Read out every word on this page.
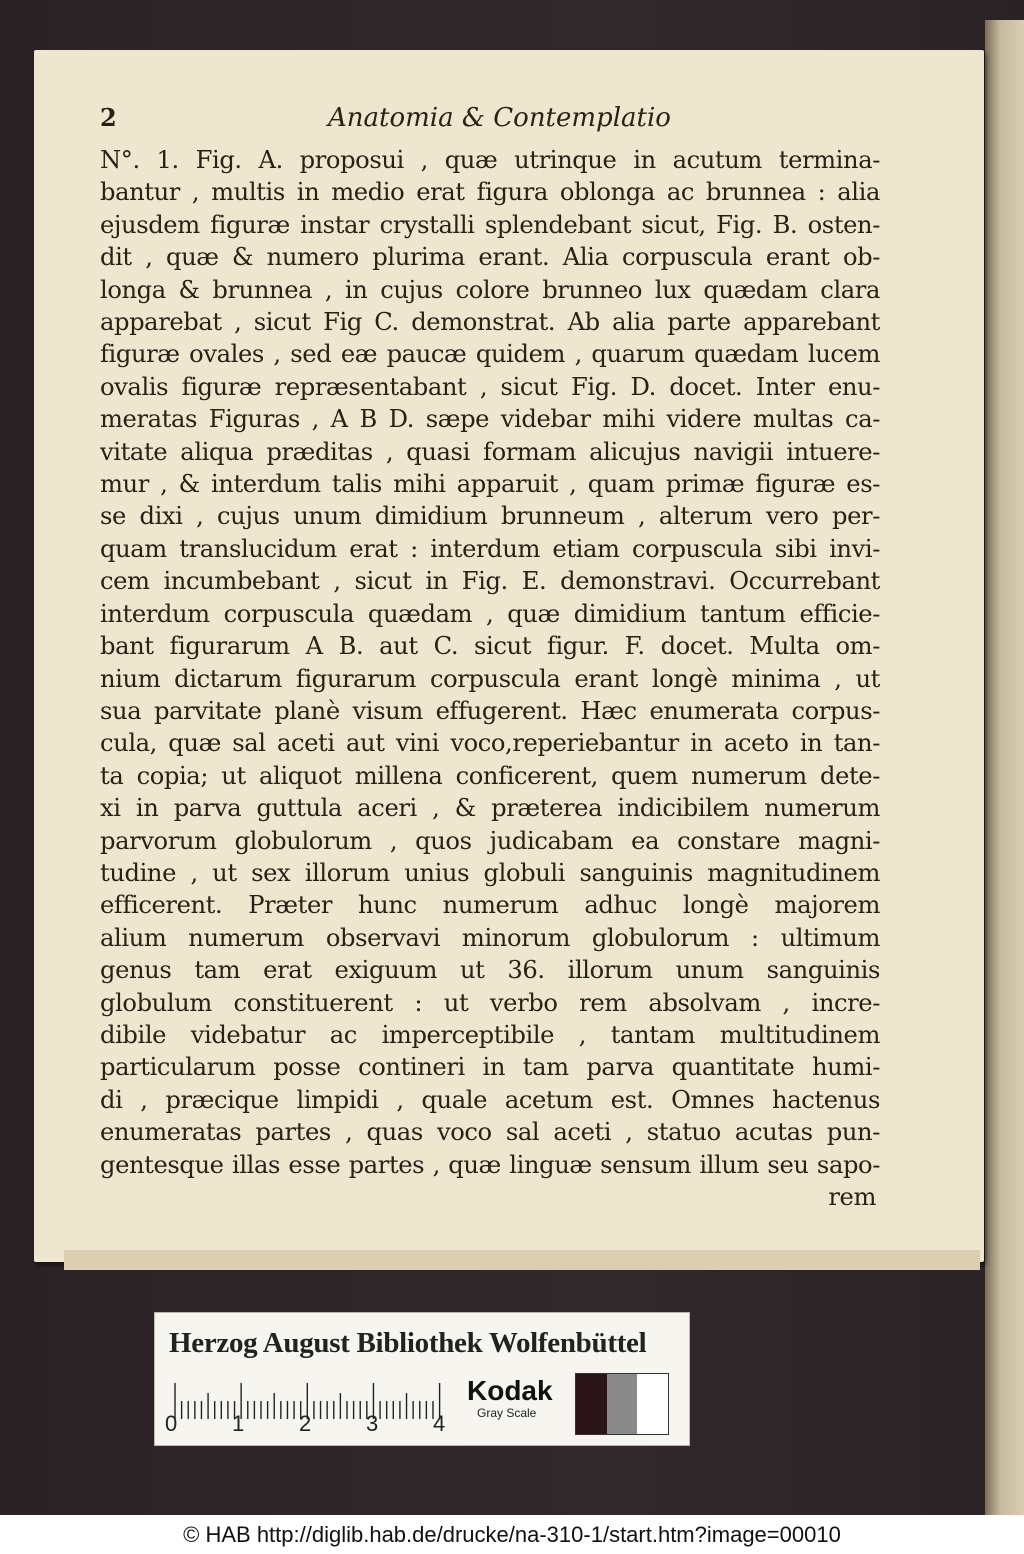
2	Anatomia & Contemplatio
N°. 1. Fig. A. proposui , quæ utrinque in acutum termina-
bantur , multis in medio erat figura oblonga ac brunnea : alia
ejusdem figuræ instar crystalli splendebant sicut, Fig. B. osten-
dit , quæ & numero plurima erant. Alia corpuscula erant ob-
longa & brunnea , in cujus colore brunneo lux quædam clara
apparebat , sicut Fig C. demonstrat. Ab alia parte apparebant
figuræ ovales , sed eæ paucæ quidem , quarum quædam lucem
ovalis figuræ repræsentabant , sicut Fig. D. docet. Inter enu-
meratas Figuras , A B D. sæpe videbar mihi videre multas ca-
vitate aliqua præditas , quasi formam alicujus navigii intuere-
mur , & interdum talis mihi apparuit , quam primæ figuræ es-
se dixi , cujus unum dimidium brunneum , alterum vero per-
quam translucidum erat : interdum etiam corpuscula sibi invi-
cem incumbebant , sicut in Fig. E. demonstravi. Occurrebant
interdum corpuscula quædam , quæ dimidium tantum efficie-
bant figurarum A B. aut C. sicut figur. F. docet. Multa om-
nium dictarum figurarum corpuscula erant longè minima , ut
sua parvitate planè visum effugerent. Hæc enumerata corpus-
cula, quæ sal aceti aut vini voco,reperiebantur in aceto in tan-
ta copia; ut aliquot millena conficerent, quem numerum dete-
xi in parva guttula aceri , & præterea indicibilem numerum
parvorum globulorum , quos judicabam ea constare magni-
tudine , ut sex illorum unius globuli sanguinis magnitudinem
efficerent. Præter hunc numerum adhuc longè majorem
alium numerum observavi minorum globulorum : ultimum
genus tam erat exiguum ut 36. illorum unum sanguinis
globulum constituerent : ut verbo rem absolvam , incre-
dibile videbatur ac imperceptibile , tantam multitudinem
particularum posse contineri in tam parva quantitate humi-
di , præcique limpidi , quale acetum est. Omnes hactenus
enumeratas partes , quas voco sal aceti , statuo acutas pun-
gentesque illas esse partes , quæ linguæ sensum illum seu sapo-
rem
Herzog August Bibliothek Wolfenbüttel
0 1 2 3 4
Kodak
Gray Scale
© HAB http://diglib.hab.de/drucke/na-310-1/start.htm?image=00010
